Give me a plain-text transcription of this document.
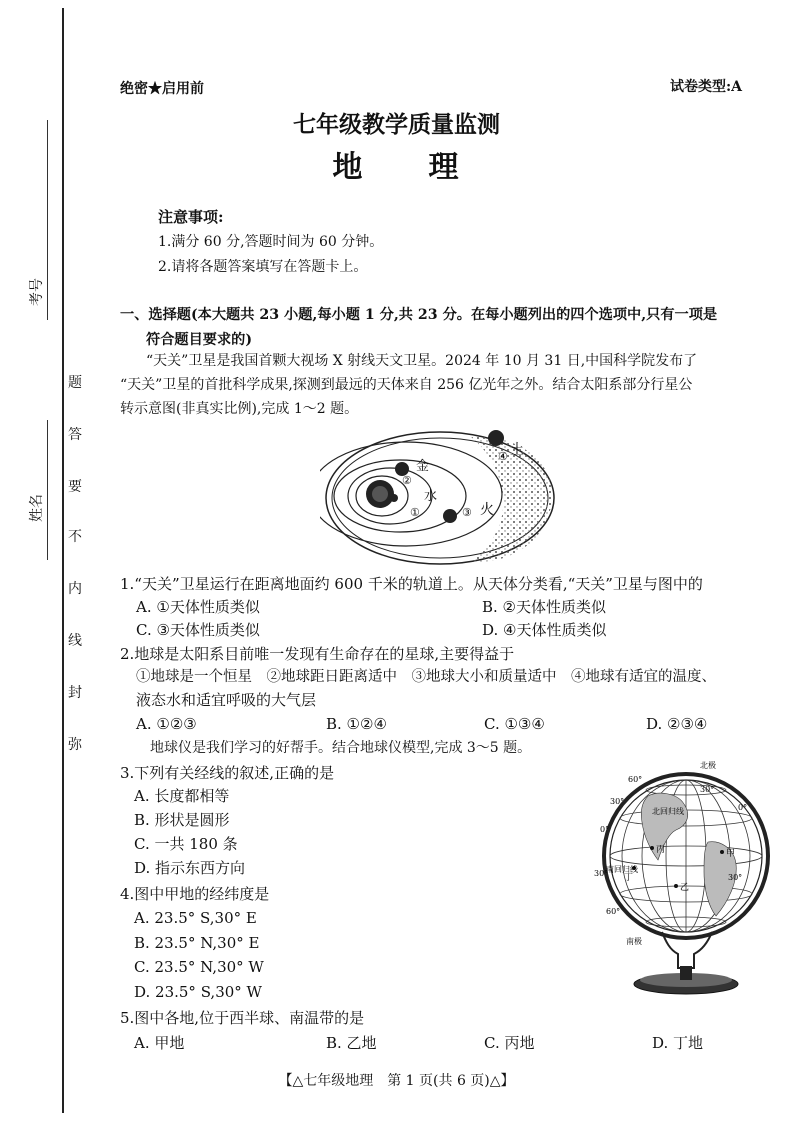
考号
姓名
题
答
要
不
内
线
封
弥
绝密★启用前	试卷类型:A
七年级教学质量监测
地　　理
注意事项:
1.满分 60 分,答题时间为 60 分钟。
2.请将各题答案填写在答题卡上。
一、选择题(本大题共 23 小题,每小题 1 分,共 23 分。在每小题列出的四个选项中,只有一项是
符合题目要求的)
“天关”卫星是我国首颗大视场 X 射线天文卫星。2024 年 10 月 31 日,中国科学院发布了
“天关”卫星的首批科学成果,探测到最远的天体来自 256 亿光年之外。结合太阳系部分行星公
转示意图(非真实比例),完成 1～2 题。
金
水
火
土
②
①	③
④
1.“天关”卫星运行在距离地面约 600 千米的轨道上。从天体分类看,“天关”卫星与图中的
A. ①天体性质类似	B. ②天体性质类似
C. ③天体性质类似	D. ④天体性质类似
2.地球是太阳系目前唯一发现有生命存在的星球,主要得益于
①地球是一个恒星　②地球距日距离适中　③地球大小和质量适中　④地球有适宜的温度、
液态水和适宜呼吸的大气层
A. ①②③	B. ①②④	C. ①③④	D. ②③④
地球仪是我们学习的好帮手。结合地球仪模型,完成 3～5 题。
3.下列有关经线的叙述,正确的是
A. 长度都相等
B. 形状是圆形
C. 一共 180 条
D. 指示东西方向
4.图中甲地的经纬度是
A. 23.5° S,30° E
B. 23.5° N,30° E
C. 23.5° N,30° W
D. 23.5° S,30° W
5.图中各地,位于西半球、南温带的是
A. 甲地	B. 乙地	C. 丙地	D. 丁地
甲
乙
丙
丁
北回归线
南回归线
60°
30°
0°
30°
60°
30°
0°
30°
北极
南极
【△七年级地理　第 1 页(共 6 页)△】
